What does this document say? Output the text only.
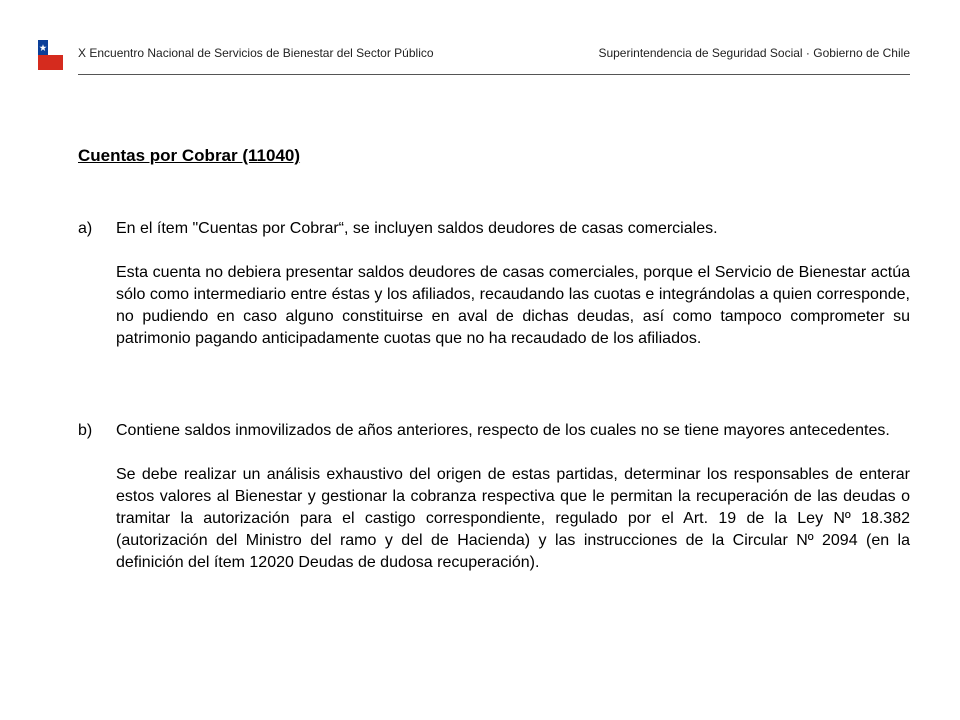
X Encuentro Nacional de Servicios de Bienestar del Sector Público	Superintendencia de Seguridad Social · Gobierno de Chile
Cuentas por Cobrar (11040)
a) En el ítem "Cuentas por Cobrar“, se incluyen saldos deudores de casas comerciales.

Esta cuenta no debiera presentar saldos deudores de casas comerciales, porque el Servicio de Bienestar actúa sólo como intermediario entre éstas y los afiliados, recaudando las cuotas e integrándolas a quien corresponde, no pudiendo en caso alguno constituirse en aval de dichas deudas, así como tampoco comprometer su patrimonio pagando anticipadamente cuotas que no ha recaudado de los afiliados.

b) Contiene saldos inmovilizados de años anteriores, respecto de los cuales no se tiene mayores antecedentes.

Se debe realizar un análisis exhaustivo del origen de estas partidas, determinar los responsables de enterar estos valores al Bienestar y gestionar la cobranza respectiva que le permitan la recuperación de las deudas o tramitar la autorización para el castigo correspondiente, regulado por el Art. 19 de la Ley Nº 18.382 (autorización del Ministro del ramo y del de Hacienda) y las instrucciones de la Circular Nº 2094 (en la definición del ítem 12020 Deudas de dudosa recuperación).
